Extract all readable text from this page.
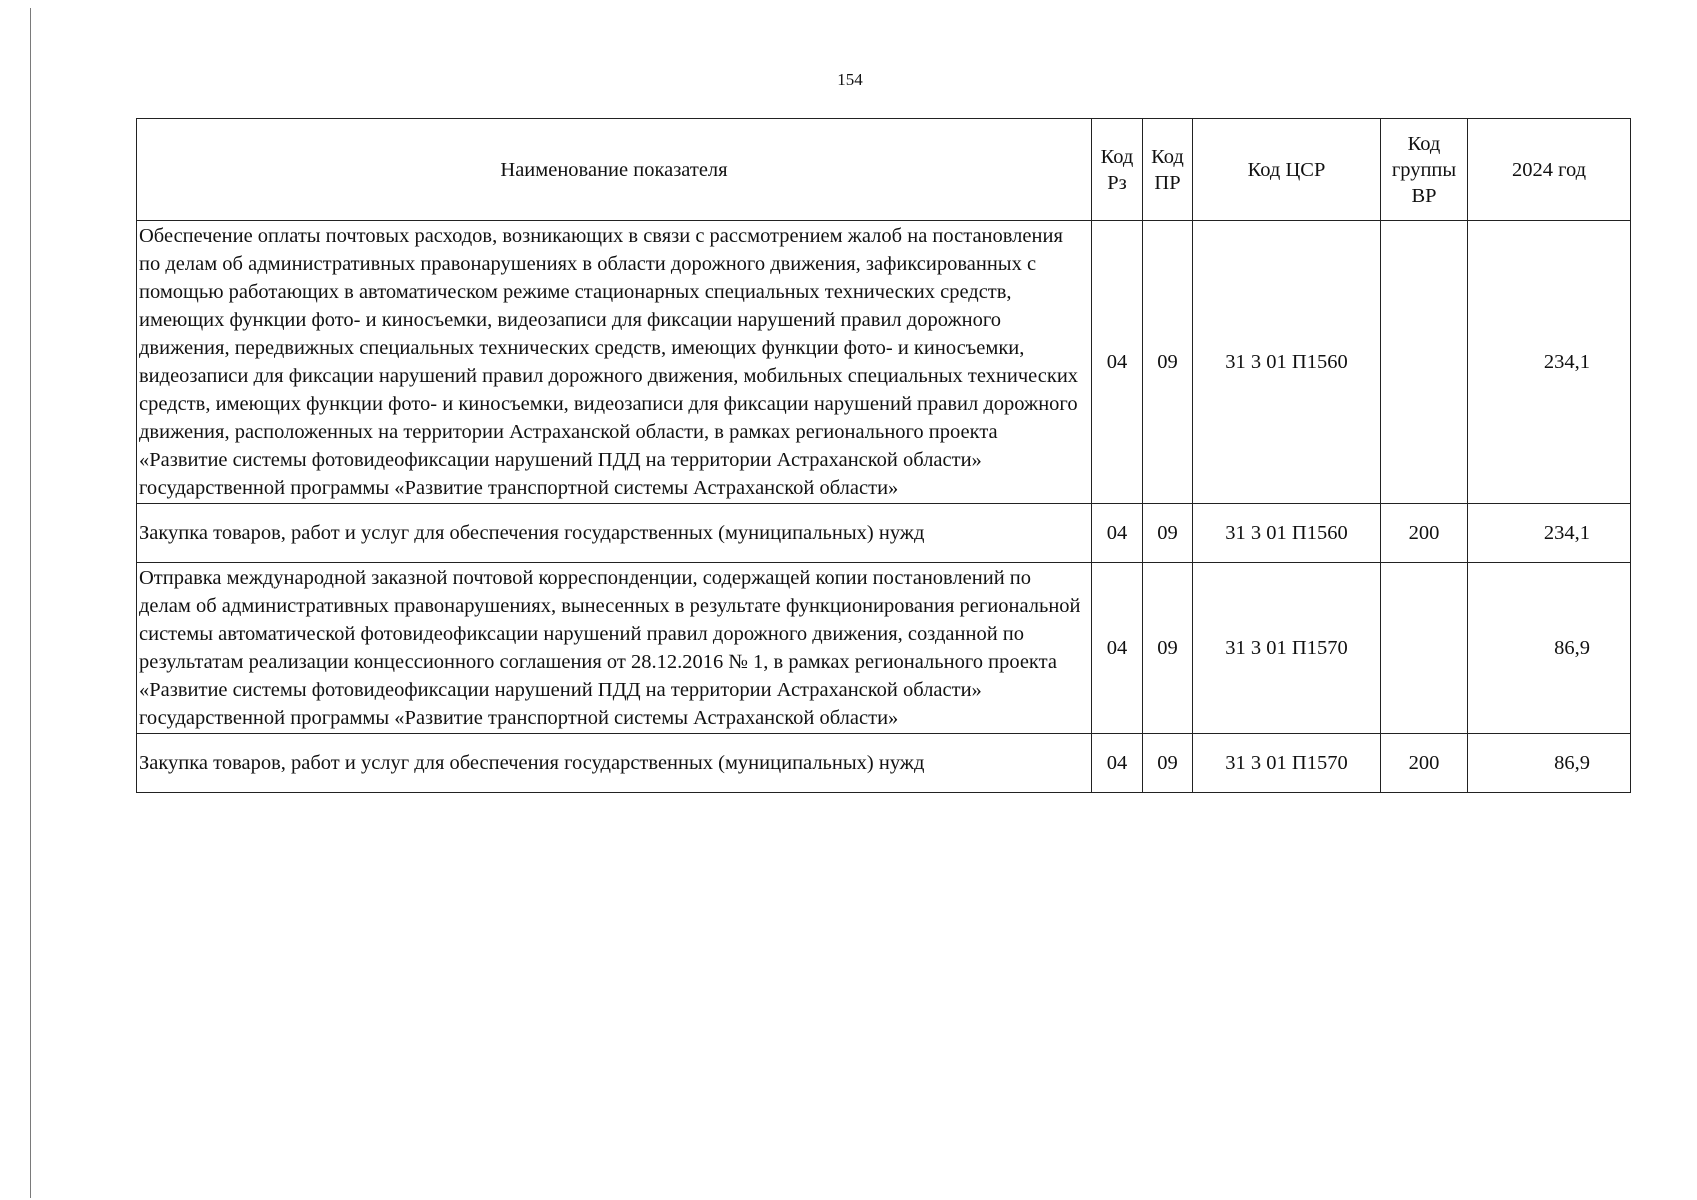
154
Наименование показателя	Код Рз	Код ПР	Код ЦСР	Код группы ВР	2024 год
Обеспечение оплаты почтовых расходов, возникающих в связи с рассмотрением жалоб на постановления по делам об административных правонарушениях в области дорожного движения, зафиксированных с помощью работающих в автоматическом режиме стационарных специальных технических средств, имеющих функции фото- и киносъемки, видеозаписи для фиксации нарушений правил дорожного движения, передвижных специальных технических средств, имеющих функции фото- и киносъемки, видеозаписи для фиксации нарушений правил дорожного движения, мобильных специальных технических средств, имеющих функции фото- и киносъемки, видеозаписи для фиксации нарушений правил дорожного движения, расположенных на территории Астраханской области, в рамках регионального проекта «Развитие системы фотовидеофиксации нарушений ПДД на территории Астраханской области» государственной программы «Развитие транспортной системы Астраханской области»	04	09	31 3 01 П1560		234,1
Закупка товаров, работ и услуг для обеспечения государственных (муниципальных) нужд	04	09	31 3 01 П1560	200	234,1
Отправка международной заказной почтовой корреспонденции, содержащей копии постановлений по делам об административных правонарушениях, вынесенных в результате функционирования региональной системы автоматической фотовидеофиксации нарушений правил дорожного движения, созданной по результатам реализации концессионного соглашения от 28.12.2016 № 1, в рамках регионального проекта «Развитие системы фотовидеофиксации нарушений ПДД на территории Астраханской области» государственной программы «Развитие транспортной системы Астраханской области»	04	09	31 3 01 П1570		86,9
Закупка товаров, работ и услуг для обеспечения государственных (муниципальных) нужд	04	09	31 3 01 П1570	200	86,9
